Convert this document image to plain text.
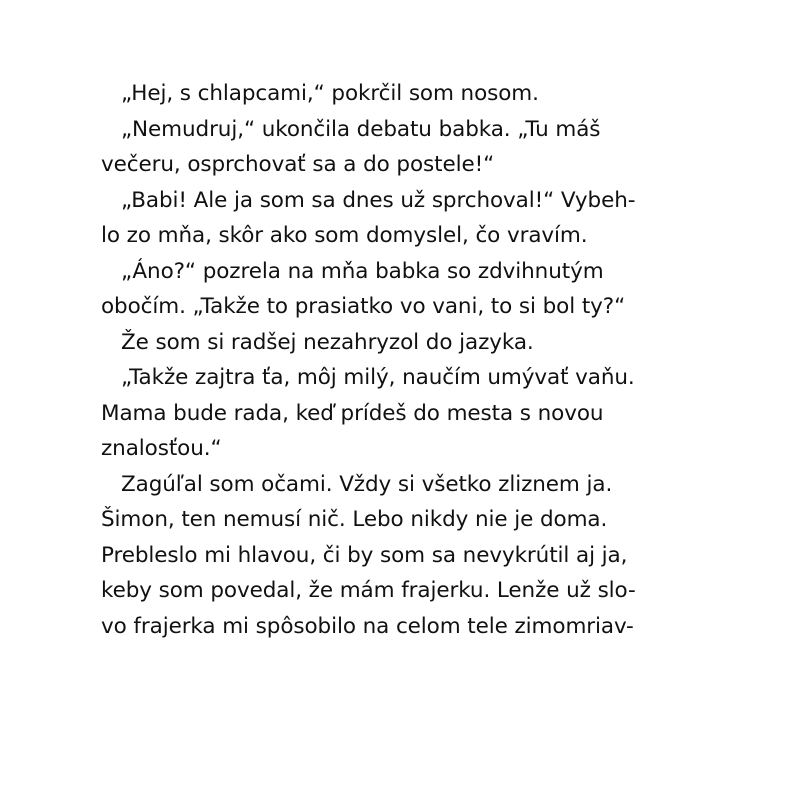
„Hej, s chlapcami,“ pokrčil som nosom.
„Nemudruj,“ ukončila debatu babka. „Tu máš
večeru, osprchovať sa a do postele!“
„Babi! Ale ja som sa dnes už sprchoval!“ Vybeh-
lo zo mňa, skôr ako som domyslel, čo vravím.
„Áno?“ pozrela na mňa babka so zdvihnutým
obočím. „Takže to prasiatko vo vani, to si bol ty?“
Že som si radšej nezahryzol do jazyka.
„Takže zajtra ťa, môj milý, naučím umývať vaňu.
Mama bude rada, keď prídeš do mesta s novou
znalosťou.“
Zagúľal som očami. Vždy si všetko zliznem ja.
Šimon, ten nemusí nič. Lebo nikdy nie je doma.
Prebleslo mi hlavou, či by som sa nevykrútil aj ja,
keby som povedal, že mám frajerku. Lenže už slo-
vo frajerka mi spôsobilo na celom tele zimomriav-
